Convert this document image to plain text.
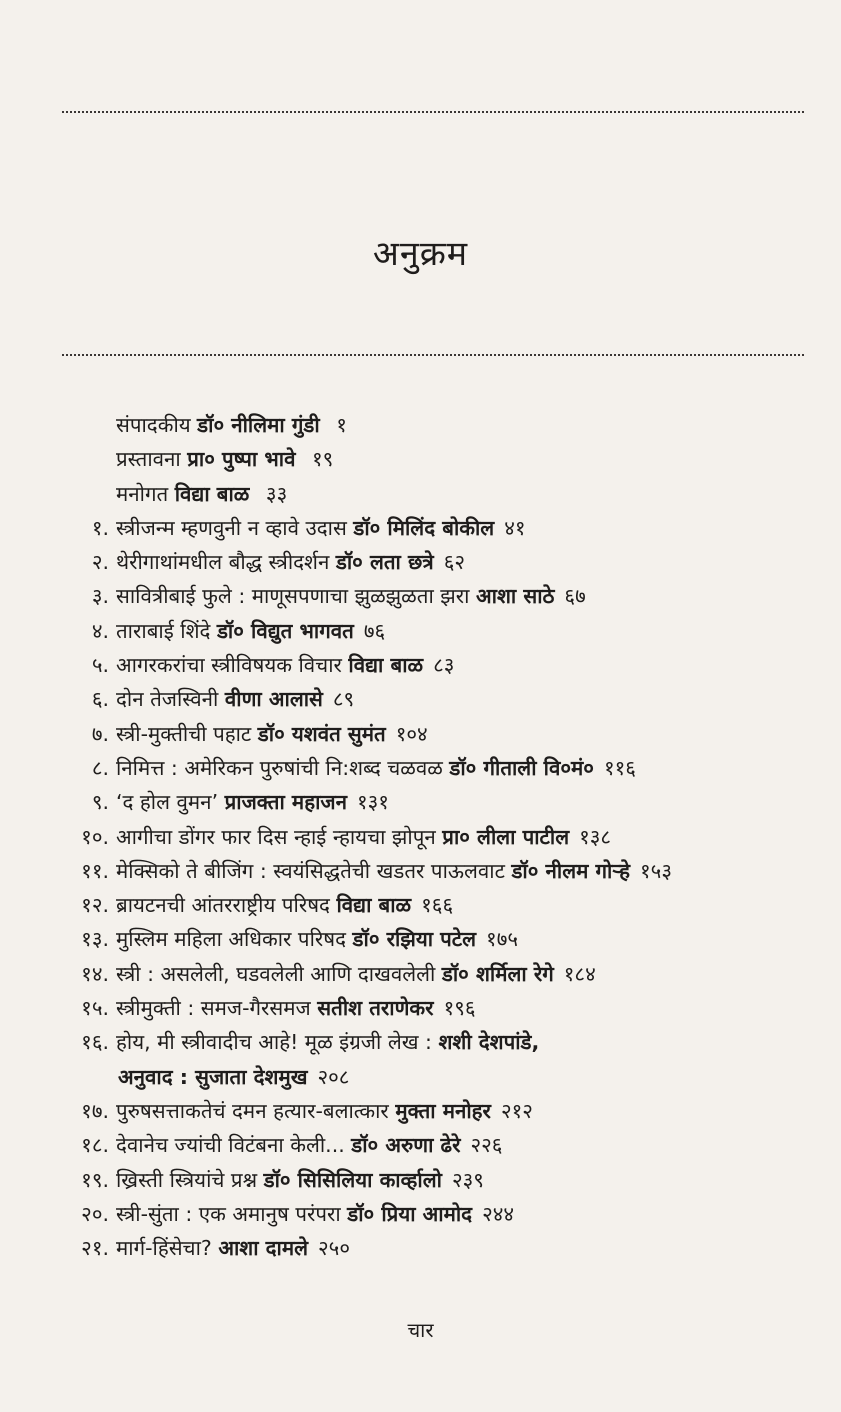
अनुक्रम
संपादकीय डॉ० नीलिमा गुंडी १
प्रस्तावना प्रा० पुष्पा भावे १९
मनोगत विद्या बाळ ३३
१. स्त्रीजन्म म्हणवुनी न व्हावे उदास डॉ० मिलिंद बोकील ४१
२. थेरीगाथांमधील बौद्ध स्त्रीदर्शन डॉ० लता छत्रे ६२
३. सावित्रीबाई फुले : माणूसपणाचा झुळझुळता झरा आशा साठे ६७
४. ताराबाई शिंदे डॉ० विद्युत भागवत ७६
५. आगरकरांचा स्त्रीविषयक विचार विद्या बाळ ८३
६. दोन तेजस्विनी वीणा आलासे ८९
७. स्त्री-मुक्तीची पहाट डॉ० यशवंत सुमंत १०४
८. निमित्त : अमेरिकन पुरुषांची नि:शब्द चळवळ डॉ० गीताली वि०मं० ११६
९. ‘द होल वुमन’ प्राजक्ता महाजन १३१
१०. आगीचा डोंगर फार दिस न्हाई न्हायचा झोपून प्रा० लीला पाटील १३८
११. मेक्सिको ते बीजिंग : स्वयंसिद्धतेची खडतर पाऊलवाट डॉ० नीलम गोऱ्हे १५३
१२. ब्रायटनची आंतरराष्ट्रीय परिषद विद्या बाळ १६६
१३. मुस्लिम महिला अधिकार परिषद डॉ० रझिया पटेल १७५
१४. स्त्री : असलेली, घडवलेली आणि दाखवलेली डॉ० शर्मिला रेगे १८४
१५. स्त्रीमुक्ती : समज-गैरसमज सतीश तराणेकर १९६
१६. होय, मी स्त्रीवादीच आहे! मूळ इंग्रजी लेख : शशी देशपांडे,
अनुवाद : सुजाता देशमुख २०८
१७. पुरुषसत्ताकतेचं दमन हत्यार-बलात्कार मुक्ता मनोहर २१२
१८. देवानेच ज्यांची विटंबना केली... डॉ० अरुणा ढेरे २२६
१९. ख्रिस्ती स्त्रियांचे प्रश्न डॉ० सिसिलिया कार्व्हालो २३९
२०. स्त्री-सुंता : एक अमानुष परंपरा डॉ० प्रिया आमोद २४४
२१. मार्ग-हिंसेचा? आशा दामले २५०
चार
